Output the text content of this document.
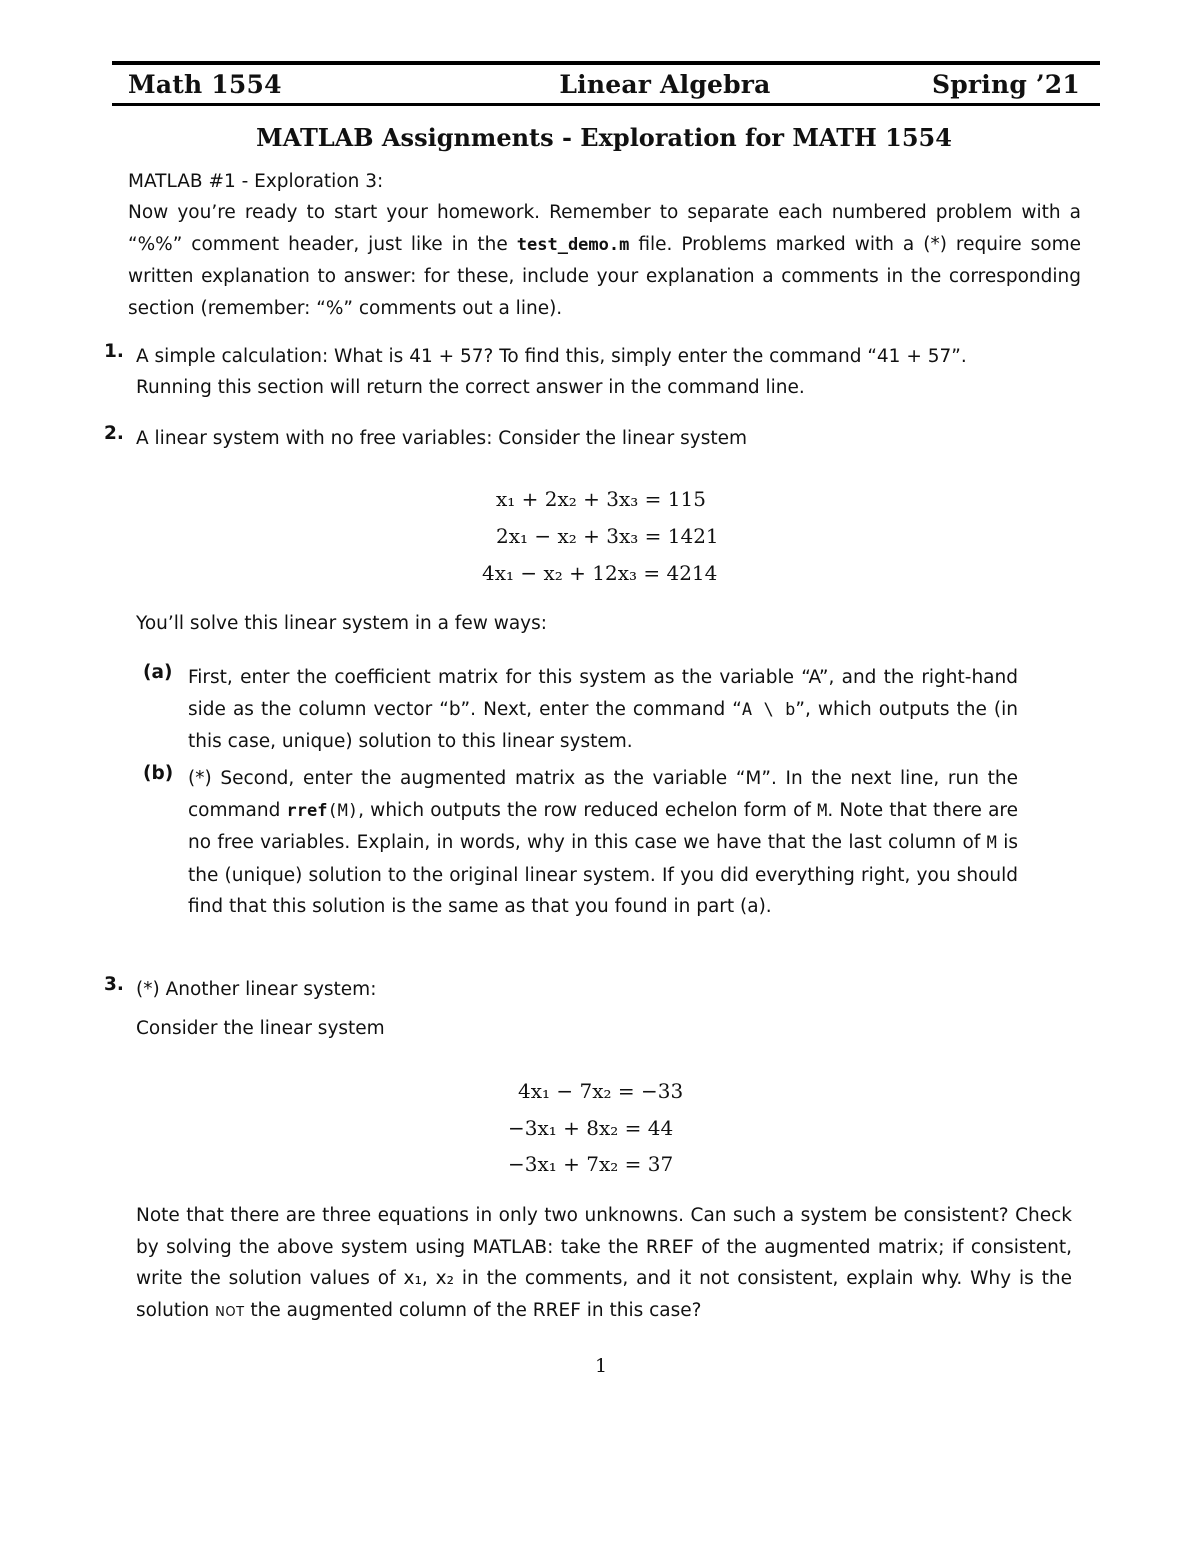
Math 1554	Linear Algebra	Spring ’21
MATLAB Assignments - Exploration for MATH 1554
MATLAB #1 - Exploration 3:
Now you’re ready to start your homework. Remember to separate each numbered problem with a “%%” comment header, just like in the test_demo.m file. Problems marked with a (*) require some written explanation to answer: for these, include your explanation a comments in the corresponding section (remember: “%” comments out a line).
1. A simple calculation: What is 41 + 57? To find this, simply enter the command “41 + 57”.
Running this section will return the correct answer in the command line.
2. A linear system with no free variables: Consider the linear system
x₁ + 2x₂ + 3x₃ = 115
2x₁ − x₂ + 3x₃ = 1421
4x₁ − x₂ + 12x₃ = 4214
You’ll solve this linear system in a few ways:
(a) First, enter the coefficient matrix for this system as the variable “A”, and the right-hand side as the column vector “b”. Next, enter the command “A \ b”, which outputs the (in this case, unique) solution to this linear system.
(b) (*) Second, enter the augmented matrix as the variable “M”. In the next line, run the command rref(M), which outputs the row reduced echelon form of M. Note that there are no free variables. Explain, in words, why in this case we have that the last column of M is the (unique) solution to the original linear system. If you did everything right, you should find that this solution is the same as that you found in part (a).
3. (*) Another linear system:
Consider the linear system
4x₁ − 7x₂ = −33
−3x₁ + 8x₂ = 44
−3x₁ + 7x₂ = 37
Note that there are three equations in only two unknowns. Can such a system be consistent? Check by solving the above system using MATLAB: take the RREF of the augmented matrix; if consistent, write the solution values of x₁, x₂ in the comments, and it not consistent, explain why. Why is the solution not the augmented column of the RREF in this case?
1
